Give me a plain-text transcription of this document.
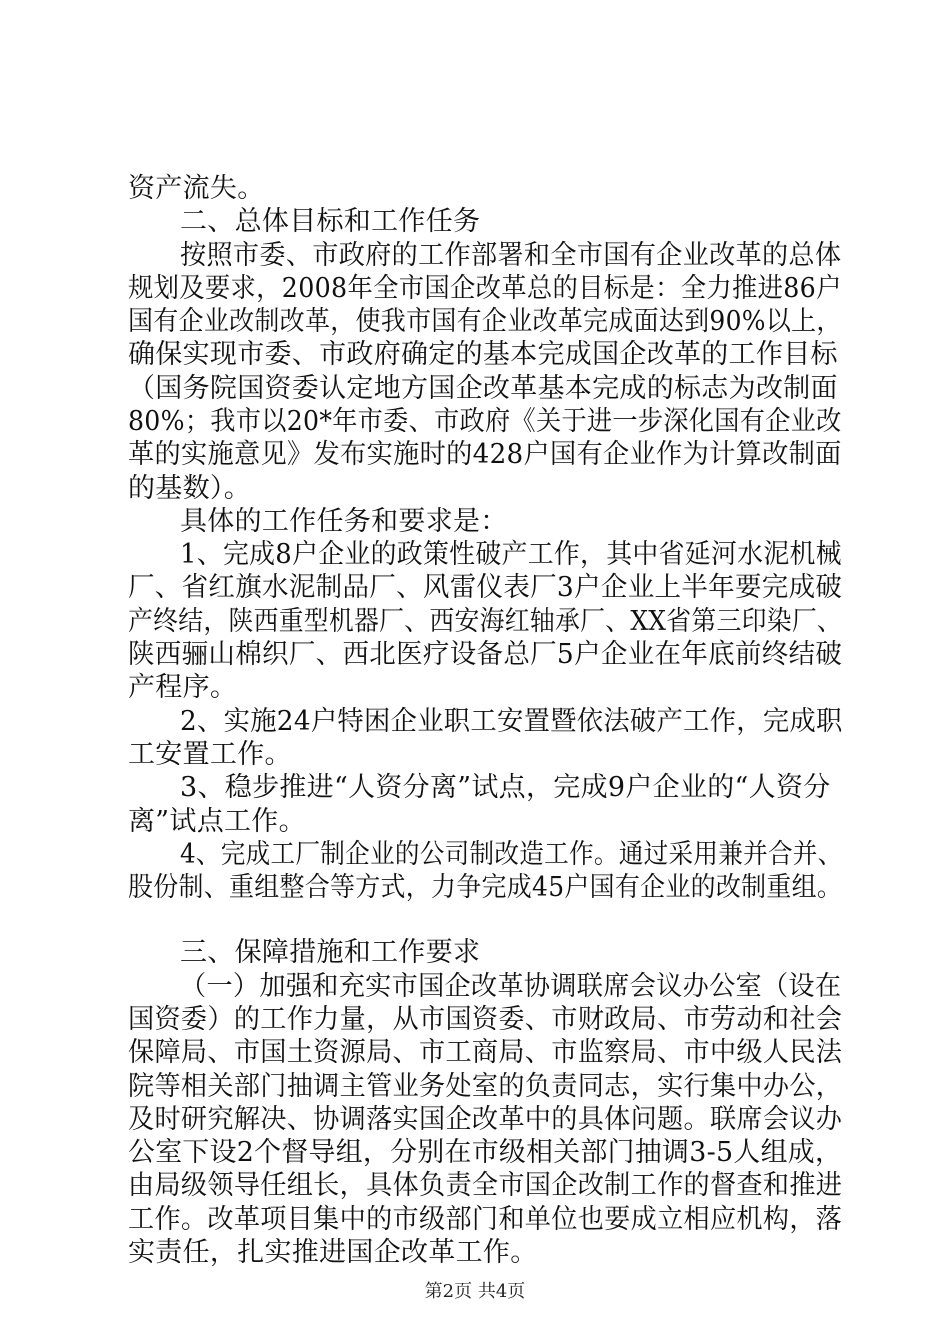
资产流失。
二、总体目标和工作任务
按照市委、市政府的工作部署和全市国有企业改革的总体
规划及要求，2008年全市国企改革总的目标是：全力推进86户
国有企业改制改革，使我市国有企业改革完成面达到90%以上，
确保实现市委、市政府确定的基本完成国企改革的工作目标
（国务院国资委认定地方国企改革基本完成的标志为改制面
80%；我市以20*年市委、市政府《关于进一步深化国有企业改
革的实施意见》发布实施时的428户国有企业作为计算改制面
的基数）。
具体的工作任务和要求是：
1、完成8户企业的政策性破产工作，其中省延河水泥机械
厂、省红旗水泥制品厂、风雷仪表厂3户企业上半年要完成破
产终结，陕西重型机器厂、西安海红轴承厂、XX省第三印染厂、
陕西骊山棉织厂、西北医疗设备总厂5户企业在年底前终结破
产程序。
2、实施24户特困企业职工安置暨依法破产工作，完成职
工安置工作。
3、稳步推进“人资分离”试点，完成9户企业的“人资分
离”试点工作。
4、完成工厂制企业的公司制改造工作。通过采用兼并合并、
股份制、重组整合等方式，力争完成45户国有企业的改制重组。
三、保障措施和工作要求
（一）加强和充实市国企改革协调联席会议办公室（设在
国资委）的工作力量，从市国资委、市财政局、市劳动和社会
保障局、市国土资源局、市工商局、市监察局、市中级人民法
院等相关部门抽调主管业务处室的负责同志，实行集中办公，
及时研究解决、协调落实国企改革中的具体问题。联席会议办
公室下设2个督导组，分别在市级相关部门抽调3-5人组成，
由局级领导任组长，具体负责全市国企改制工作的督查和推进
工作。改革项目集中的市级部门和单位也要成立相应机构，落
实责任，扎实推进国企改革工作。
第2页 共4页
